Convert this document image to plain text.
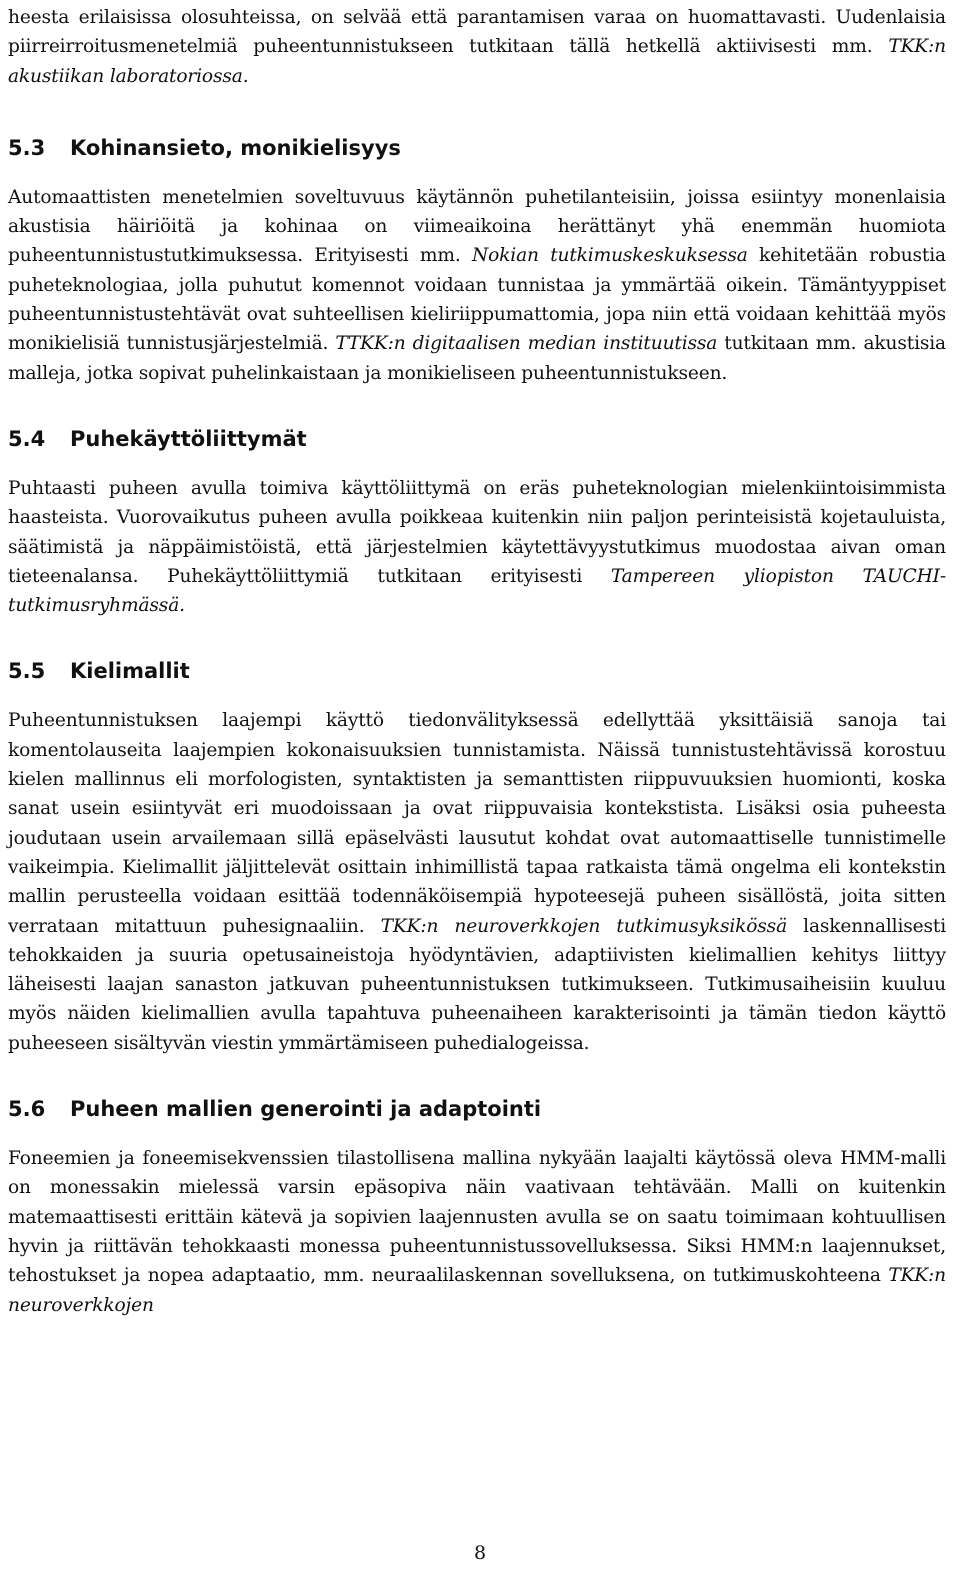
heesta erilaisissa olosuhteissa, on selvää että parantamisen varaa on huomattavasti. Uudenlaisia piirreirroitusmenetelmiä puheentunnistukseen tutkitaan tällä hetkellä aktiivisesti mm. TKK:n akustiikan laboratoriossa.

5.3	Kohinansieto, monikielisyys

Automaattisten menetelmien soveltuvuus käytännön puhetilanteisiin, joissa esiintyy monenlaisia akustisia häiriöitä ja kohinaa on viimeaikoina herättänyt yhä enemmän huomiota puheentunnistustutkimuksessa. Erityisesti mm. Nokian tutkimuskeskuksessa kehitetään robustia puheteknologiaa, jolla puhutut komennot voidaan tunnistaa ja ymmärtää oikein. Tämäntyyppiset puheentunnistustehtävät ovat suhteellisen kieliriippumattomia, jopa niin että voidaan kehittää myös monikielisiä tunnistusjärjestelmiä. TTKK:n digitaalisen median instituutissa tutkitaan mm. akustisia malleja, jotka sopivat puhelinkaistaan ja monikieliseen puheentunnistukseen.

5.4	Puhekäyttöliittymät

Puhtaasti puheen avulla toimiva käyttöliittymä on eräs puheteknologian mielenkiintoisimmista haasteista. Vuorovaikutus puheen avulla poikkeaa kuitenkin niin paljon perinteisistä kojetauluista, säätimistä ja näppäimistöistä, että järjestelmien käytettävyystutkimus muodostaa aivan oman tieteenalansa. Puhekäyttöliittymiä tutkitaan erityisesti Tampereen yliopiston TAUCHI-tutkimusryhmässä.

5.5	Kielimallit

Puheentunnistuksen laajempi käyttö tiedonvälityksessä edellyttää yksittäisiä sanoja tai komentolauseita laajempien kokonaisuuksien tunnistamista. Näissä tunnistustehtävissä korostuu kielen mallinnus eli morfologisten, syntaktisten ja semanttisten riippuvuuksien huomionti, koska sanat usein esiintyvät eri muodoissaan ja ovat riippuvaisia kontekstista. Lisäksi osia puheesta joudutaan usein arvailemaan sillä epäselvästi lausutut kohdat ovat automaattiselle tunnistimelle vaikeimpia. Kielimallit jäljittelevät osittain inhimillistä tapaa ratkaista tämä ongelma eli kontekstin mallin perusteella voidaan esittää todennäköisempiä hypoteesejä puheen sisällöstä, joita sitten verrataan mitattuun puhesignaaliin. TKK:n neuroverkkojen tutkimusyksikössä laskennallisesti tehokkaiden ja suuria opetusaineistoja hyödyntävien, adaptiivisten kielimallien kehitys liittyy läheisesti laajan sanaston jatkuvan puheentunnistuksen tutkimukseen. Tutkimusaiheisiin kuuluu myös näiden kielimallien avulla tapahtuva puheenaiheen karakterisointi ja tämän tiedon käyttö puheeseen sisältyvän viestin ymmärtämiseen puhedialogeissa.

5.6	Puheen mallien generointi ja adaptointi

Foneemien ja foneemisekvenssien tilastollisena mallina nykyään laajalti käytössä oleva HMM-malli on monessakin mielessä varsin epäsopiva näin vaativaan tehtävään. Malli on kuitenkin matemaattisesti erittäin kätevä ja sopivien laajennusten avulla se on saatu toimimaan kohtuullisen hyvin ja riittävän tehokkaasti monessa puheentunnistussovelluksessa. Siksi HMM:n laajennukset, tehostukset ja nopea adaptaatio, mm. neuraalilaskennan sovelluksena, on tutkimuskohteena TKK:n neuroverkkojen

8
